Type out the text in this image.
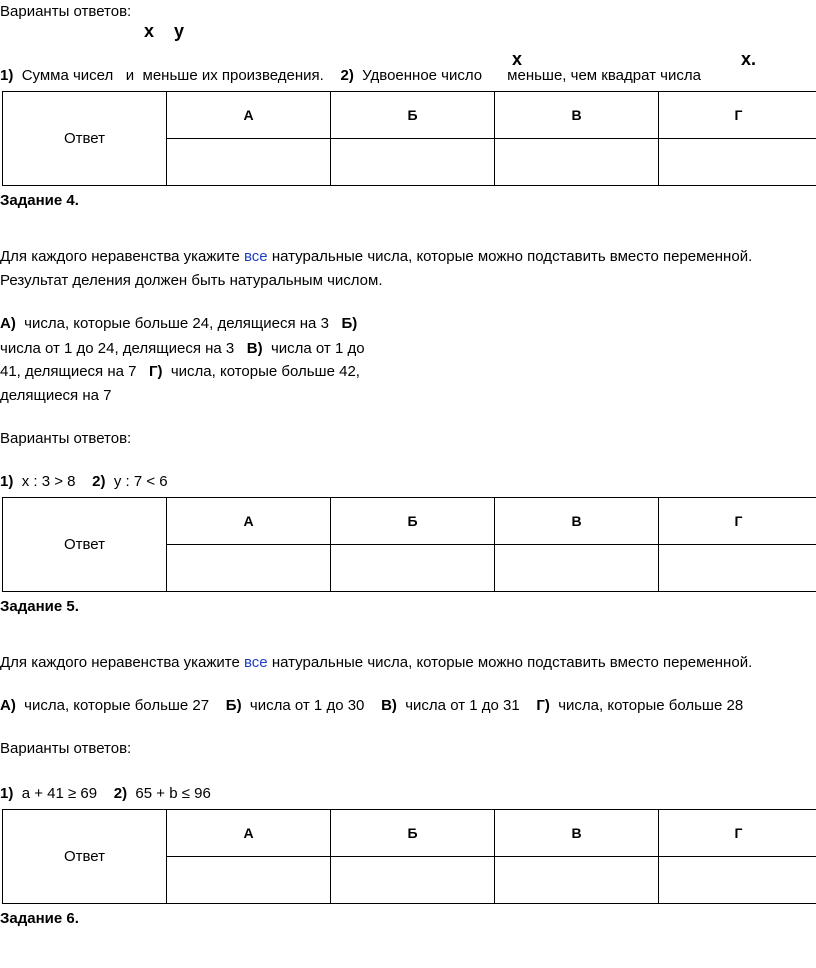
Варианты ответов:
x y
x	x.
1) Сумма чисел и меньше их произведения. 2) Удвоенное число меньше, чем квадрат числа
Ответ	А	Б	В	Г

Задание 4.
Для каждого неравенства укажите все натуральные числа, которые можно подставить вместо переменной.
Результат деления должен быть натуральным числом.
А) числа, которые больше 24, делящиеся на 3 Б)
числа от 1 до 24, делящиеся на 3 В) числа от 1 до
41, делящиеся на 7 Г) числа, которые больше 42,
делящиеся на 7
Варианты ответов:
1) x : 3 > 8 2) y : 7 < 6
Ответ	А	Б	В	Г

Задание 5.
Для каждого неравенства укажите все натуральные числа, которые можно подставить вместо переменной.
А) числа, которые больше 27 Б) числа от 1 до 30 В) числа от 1 до 31 Г) числа, которые больше 28
Варианты ответов:
1) a + 41 ≥ 69 2) 65 + b ≤ 96
Ответ	А	Б	В	Г

Задание 6.
